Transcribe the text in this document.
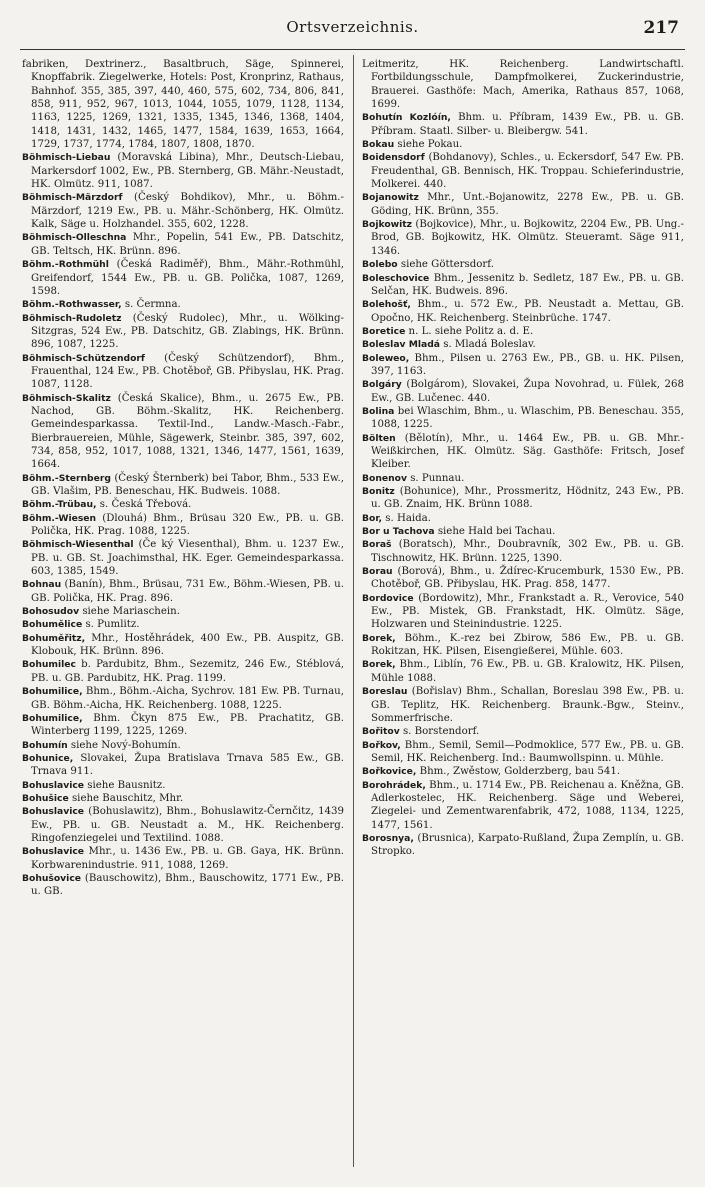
Ortsverzeichnis.	217

fabriken, Dextrinerz., Basaltbruch, Säge, Spinnerei, Knopffabrik. Ziegelwerke, Hotels: Post, Kronprinz, Rathaus, Bahnhof. 355, 385, 397, 440, 460, 575, 602, 734, 806, 841, 858, 911, 952, 967, 1013, 1044, 1055, 1079, 1128, 1134, 1163, 1225, 1269, 1321, 1335, 1345, 1346, 1368, 1404, 1418, 1431, 1432, 1465, 1477, 1584, 1639, 1653, 1664, 1729, 1737, 1774, 1784, 1807, 1808, 1870.

Böhmisch-Liebau (Moravská Libina), Mhr., Deutsch-Liebau, Markersdorf 1002, Ew., PB. Sternberg, GB. Mähr.-Neustadt, HK. Olmütz. 911, 1087.

Böhmisch-Märzdorf (Český Bohdikov), Mhr., u. Böhm.-Märzdorf, 1219 Ew., PB. u. Mähr.-Schönberg, HK. Olmütz. Kalk, Säge u. Holzhandel. 355, 602, 1228.

Böhmisch-Olleschna Mhr., Popelin, 541 Ew., PB. Datschitz, GB. Teltsch, HK. Brünn. 896.

Böhm.-Rothmühl (Česká Radiměř), Bhm., Mähr.-Rothmühl, Greifendorf, 1544 Ew., PB. u. GB. Polička, 1087, 1269, 1598.

Böhm.-Rothwasser, s. Čermna.

Böhmisch-Rudoletz (Český Rudolec), Mhr., u. Wölking-Sitzgras, 524 Ew., PB. Datschitz, GB. Zlabings, HK. Brünn. 896, 1087, 1225.

Böhmisch-Schützendorf (Český Schützendorf), Bhm., Frauenthal, 124 Ew., PB. Chotěboř, GB. Přibyslau, HK. Prag. 1087, 1128.

Böhmisch-Skalitz (Česká Skalice), Bhm., u. 2675 Ew., PB. Nachod, GB. Böhm.-Skalitz, HK. Reichenberg. Gemeindesparkassa. Textil-Ind., Landw.-Masch.-Fabr., Bierbrauereien, Mühle, Sägewerk, Steinbr. 385, 397, 602, 734, 858, 952, 1017, 1088, 1321, 1346, 1477, 1561, 1639, 1664.

Böhm.-Sternberg (Český Šternberk) bei Tabor, Bhm., 533 Ew., GB. Vlašim, PB. Beneschau, HK. Budweis. 1088.

Böhm.-Trübau, s. Česká Třebová.

Böhm.-Wiesen (Dlouhá) Bhm., Brüsau 320 Ew., PB. u. GB. Polička, HK. Prag. 1088, 1225.

Böhmisch-Wiesenthal (Če ký Viesenthal), Bhm. u. 1237 Ew., PB. u. GB. St. Joachimsthal, HK. Eger. Gemeindesparkassa. 603, 1385, 1549.

Bohnau (Banín), Bhm., Brüsau, 731 Ew., Böhm.-Wiesen, PB. u. GB. Polička, HK. Prag. 896.

Bohosudov siehe Mariaschein.

Bohumělice s. Pumlitz.

Bohuměřitz, Mhr., Hostěhrádek, 400 Ew., PB. Auspitz, GB. Klobouk, HK. Brünn. 896.

Bohumilec b. Pardubitz, Bhm., Sezemitz, 246 Ew., Stéblová, PB. u. GB. Pardubitz, HK. Prag. 1199.

Bohumilice, Bhm., Böhm.-Aicha, Sychrov. 181 Ew. PB. Turnau, GB. Böhm.-Aicha, HK. Reichenberg. 1088, 1225.

Bohumilice, Bhm. Čkyn 875 Ew., PB. Prachatitz, GB. Winterberg 1199, 1225, 1269.

Bohumín siehe Nový-Bohumín.

Bohunice, Slovakei, Župa Bratislava Trnava 585 Ew., GB. Trnava 911.

Bohuslavice siehe Bausnitz.

Bohušice siehe Bauschitz, Mhr.

Bohuslavice (Bohuslawitz), Bhm., Bohuslawitz-Černčitz, 1439 Ew., PB. u. GB. Neustadt a. M., HK. Reichenberg. Ringofenziegelei und Textilind. 1088.

Bohuslavice Mhr., u. 1436 Ew., PB. u. GB. Gaya, HK. Brünn. Korbwarenindustrie. 911, 1088, 1269.

Bohušovice (Bauschowitz), Bhm., Bauschowitz, 1771 Ew., PB. u. GB.

Leitmeritz, HK. Reichenberg. Landwirtschaftl. Fortbildungsschule, Dampfmolkerei, Zuckerindustrie, Brauerei. Gasthöfe: Mach, Amerika, Rathaus 857, 1068, 1699.

Bohutín Kozlóín, Bhm. u. Příbram, 1439 Ew., PB. u. GB. Příbram. Staatl. Silber- u. Bleibergw. 541.

Bokau siehe Pokau.

Boidensdorf (Bohdanovy), Schles., u. Eckersdorf, 547 Ew. PB. Freudenthal, GB. Bennisch, HK. Troppau. Schieferindustrie, Molkerei. 440.

Bojanowitz Mhr., Unt.-Bojanowitz, 2278 Ew., PB. u. GB. Göding, HK. Brünn, 355.

Bojkowitz (Bojkovice), Mhr., u. Bojkowitz, 2204 Ew., PB. Ung.-Brod, GB. Bojkowitz, HK. Olmütz. Steueramt. Säge 911, 1346.

Bolebo siehe Göttersdorf.

Boleschovice Bhm., Jessenitz b. Sedletz, 187 Ew., PB. u. GB. Selčan, HK. Budweis. 896.

Bolehošť, Bhm., u. 572 Ew., PB. Neustadt a. Mettau, GB. Opočno, HK. Reichenberg. Steinbrüche. 1747.

Boretice n. L. siehe Politz a. d. E.

Boleslav Mladá s. Mladá Boleslav.

Boleweo, Bhm., Pilsen u. 2763 Ew., PB., GB. u. HK. Pilsen, 397, 1163.

Bolgáry (Bolgárom), Slovakei, Župa Novohrad, u. Fülek, 268 Ew., GB. Lučenec. 440.

Bolina bei Wlaschim, Bhm., u. Wlaschim, PB. Beneschau. 355, 1088, 1225.

Bölten (Bělotín), Mhr., u. 1464 Ew., PB. u. GB. Mhr.-Weißkirchen, HK. Olmütz. Säg. Gasthöfe: Fritsch, Josef Kleiber.

Bonenov s. Punnau.

Bonitz (Bohunice), Mhr., Prossmeritz, Hödnitz, 243 Ew., PB. u. GB. Znaim, HK. Brünn 1088.

Bor, s. Haida.

Bor u Tachova siehe Hald bei Tachau.

Boraš (Boratsch), Mhr., Doubravník, 302 Ew., PB. u. GB. Tischnowitz, HK. Brünn. 1225, 1390.

Borau (Borová), Bhm., u. Ždírec-Krucemburk, 1530 Ew., PB. Chotěboř, GB. Přibyslau, HK. Prag. 858, 1477.

Bordovice (Bordowitz), Mhr., Frankstadt a. R., Verovice, 540 Ew., PB. Mistek, GB. Frankstadt, HK. Olmütz. Säge, Holzwaren und Steinindustrie. 1225.

Borek, Böhm., K.-rez bei Zbirow, 586 Ew., PB. u. GB. Rokitzan, HK. Pilsen, Eisengießerei, Mühle. 603.

Borek, Bhm., Liblín, 76 Ew., PB. u. GB. Kralowitz, HK. Pilsen, Mühle 1088.

Boreslau (Bořislav) Bhm., Schallan, Boreslau 398 Ew., PB. u. GB. Teplitz, HK. Reichenberg. Braunk.-Bgw., Steinv., Sommerfrische.

Bořitov s. Borstendorf.

Bořkov, Bhm., Semil, Semil—Podmoklice, 577 Ew., PB. u. GB. Semil, HK. Reichenberg. Ind.: Baumwollspinn. u. Mühle.

Bořkovice, Bhm., Zwěstow, Golderzberg, bau 541.

Borohrádek, Bhm., u. 1714 Ew., PB. Reichenau a. Kněžna, GB. Adlerkostelec, HK. Reichenberg. Säge und Weberei, Ziegelei- und Zementwarenfabrik, 472, 1088, 1134, 1225, 1477, 1561.

Borosnya, (Brusnica), Karpato-Rußland, Župa Zemplín, u. GB. Stropko.
